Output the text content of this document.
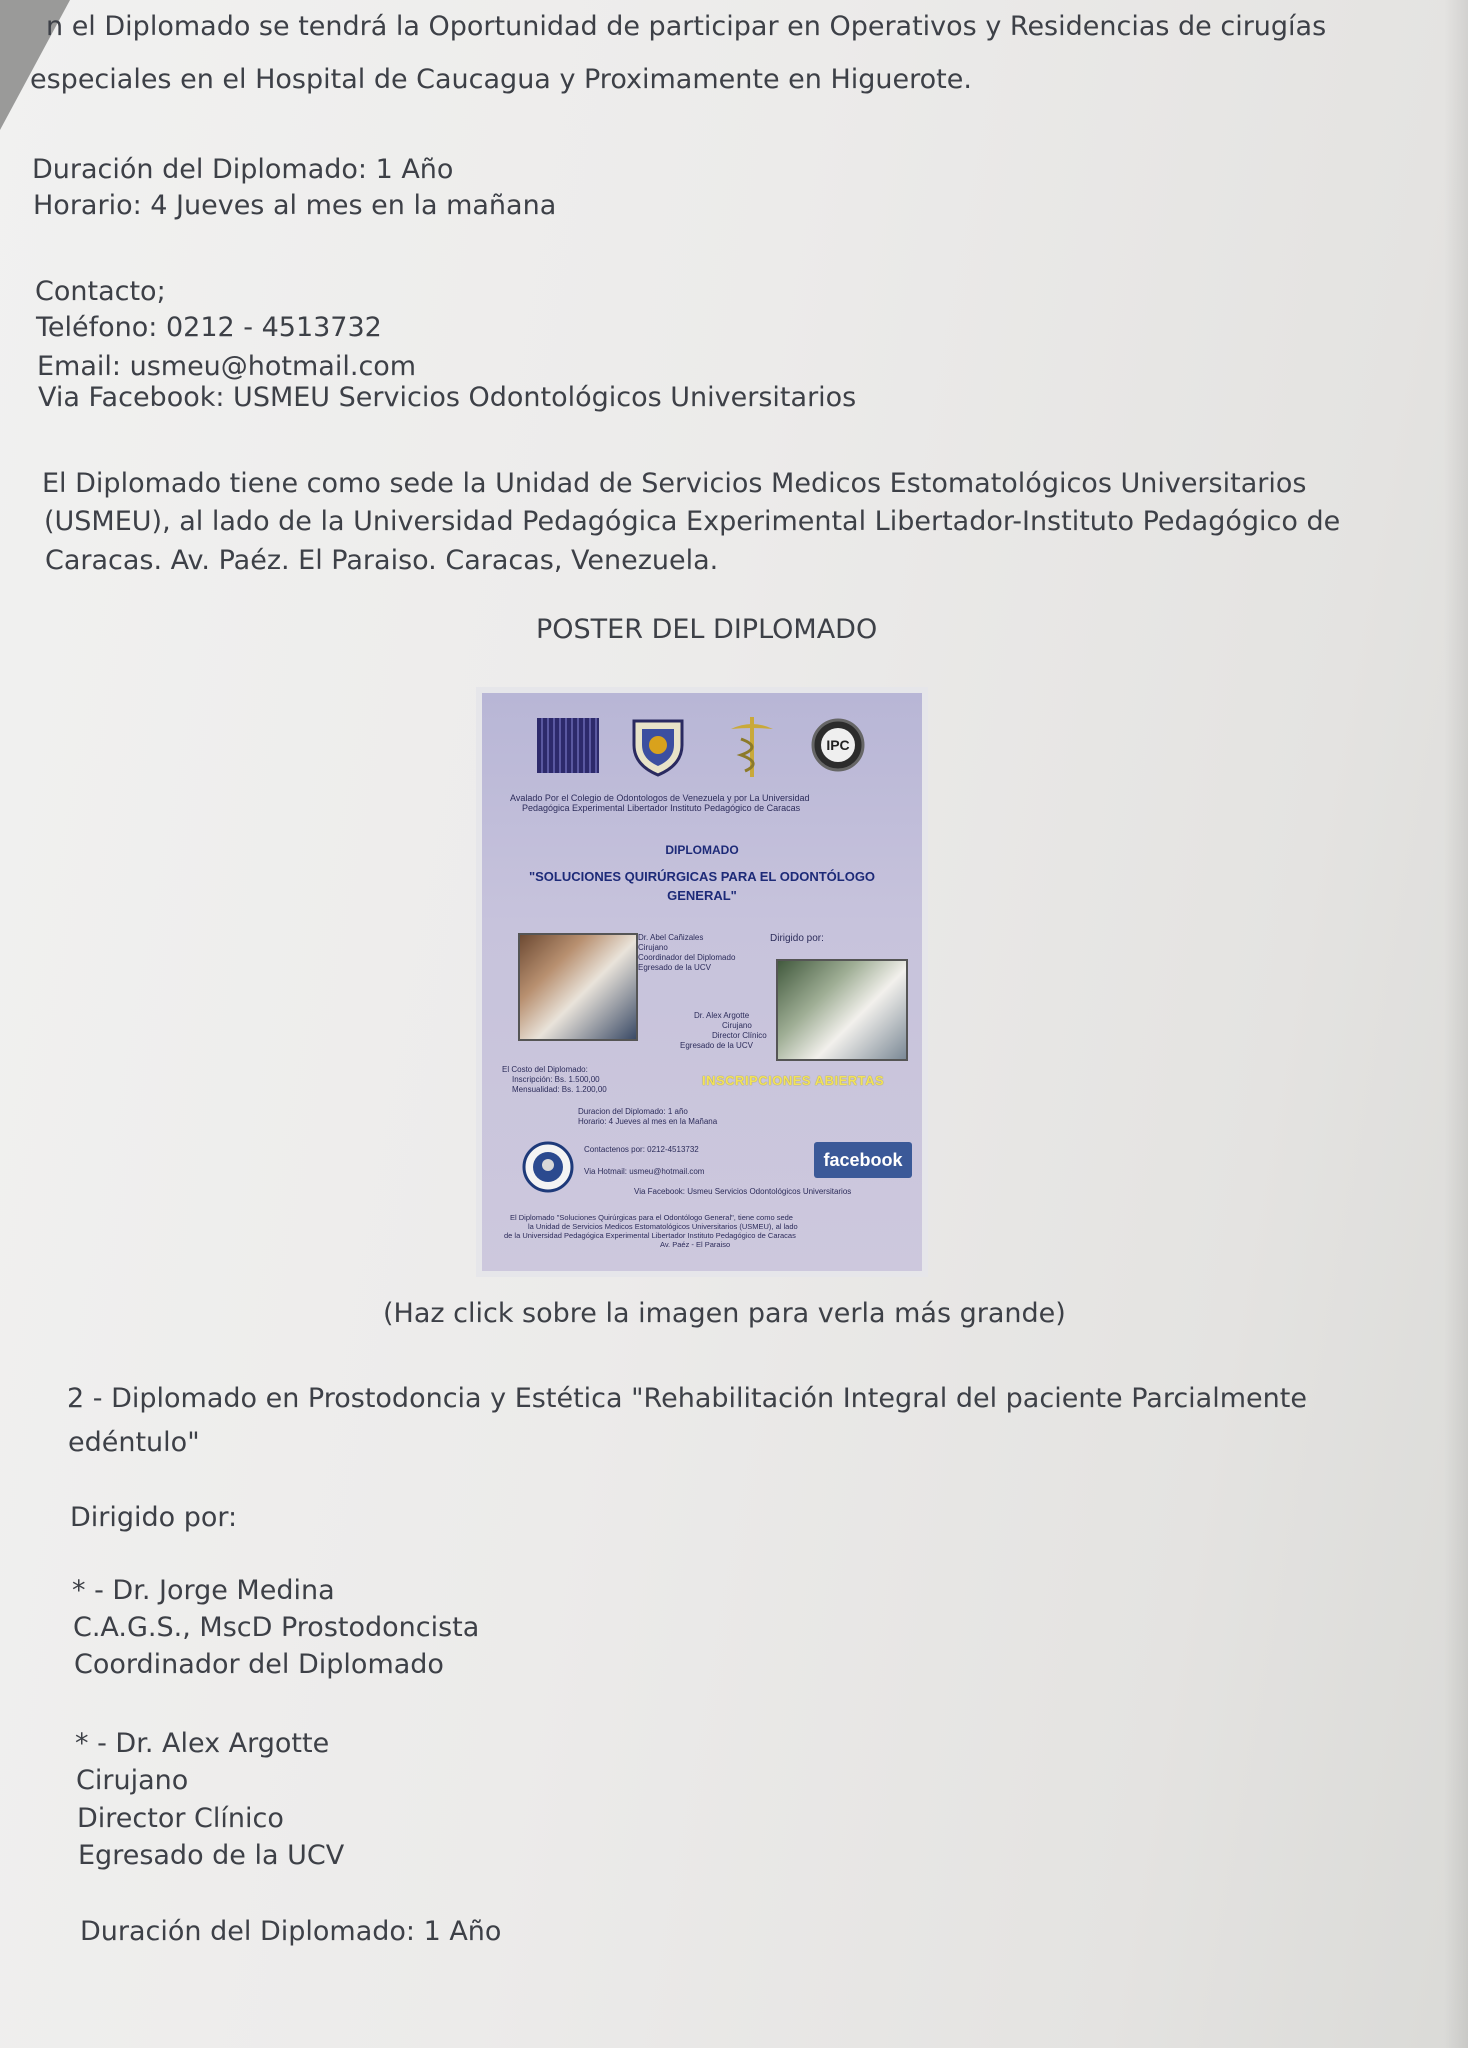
n el Diplomado se tendrá la Oportunidad de participar en Operativos y Residencias de cirugías
especiales en el Hospital de Caucagua y Proximamente en Higuerote.
Duración del Diplomado: 1 Año
Horario: 4 Jueves al mes en la mañana
Contacto;
Teléfono: 0212 - 4513732
Email: usmeu@hotmail.com
Via Facebook: USMEU Servicios Odontológicos Universitarios
El Diplomado tiene como sede la Unidad de Servicios Medicos Estomatológicos Universitarios
(USMEU), al lado de la Universidad Pedagógica Experimental Libertador-Instituto Pedagógico de
Caracas. Av. Paéz. El Paraiso. Caracas, Venezuela.
POSTER DEL DIPLOMADO
IPC
Avalado Por el Colegio de Odontologos de Venezuela y por La Universidad
Pedagógica Experimental Libertador Instituto Pedagógico de Caracas
DIPLOMADO
"SOLUCIONES QUIRÚRGICAS PARA EL ODONTÓLOGO
GENERAL"
Dr. Abel Cañizales
Cirujano
Coordinador del Diplomado
Egresado de la UCV
Dirigido por:
Dr. Alex Argotte
Cirujano
Director Clínico
Egresado de la UCV
El Costo del Diplomado:
Inscripción: Bs. 1.500,00
Mensualidad: Bs. 1.200,00
INSCRIPCIONES ABIERTAS
Duracion del Diplomado: 1 año
Horario: 4 Jueves al mes en la Mañana
Contactenos por: 0212-4513732
Via Hotmail: usmeu@hotmail.com
facebook
Via Facebook: Usmeu Servicios Odontológicos Universitarios
El Diplomado "Soluciones Quirúrgicas para el Odontólogo General", tiene como sede
la Unidad de Servicios Medicos Estomatológicos Universitarios (USMEU), al lado
de la Universidad Pedagógica Experimental Libertador Instituto Pedagógico de Caracas
Av. Paéz - El Paraiso
(Haz click sobre la imagen para verla más grande)
2 - Diplomado en Prostodoncia y Estética "Rehabilitación Integral del paciente Parcialmente
edéntulo"
Dirigido por:
* - Dr. Jorge Medina
C.A.G.S., MscD Prostodoncista
Coordinador del Diplomado
* - Dr. Alex Argotte
Cirujano
Director Clínico
Egresado de la UCV
Duración del Diplomado: 1 Año
